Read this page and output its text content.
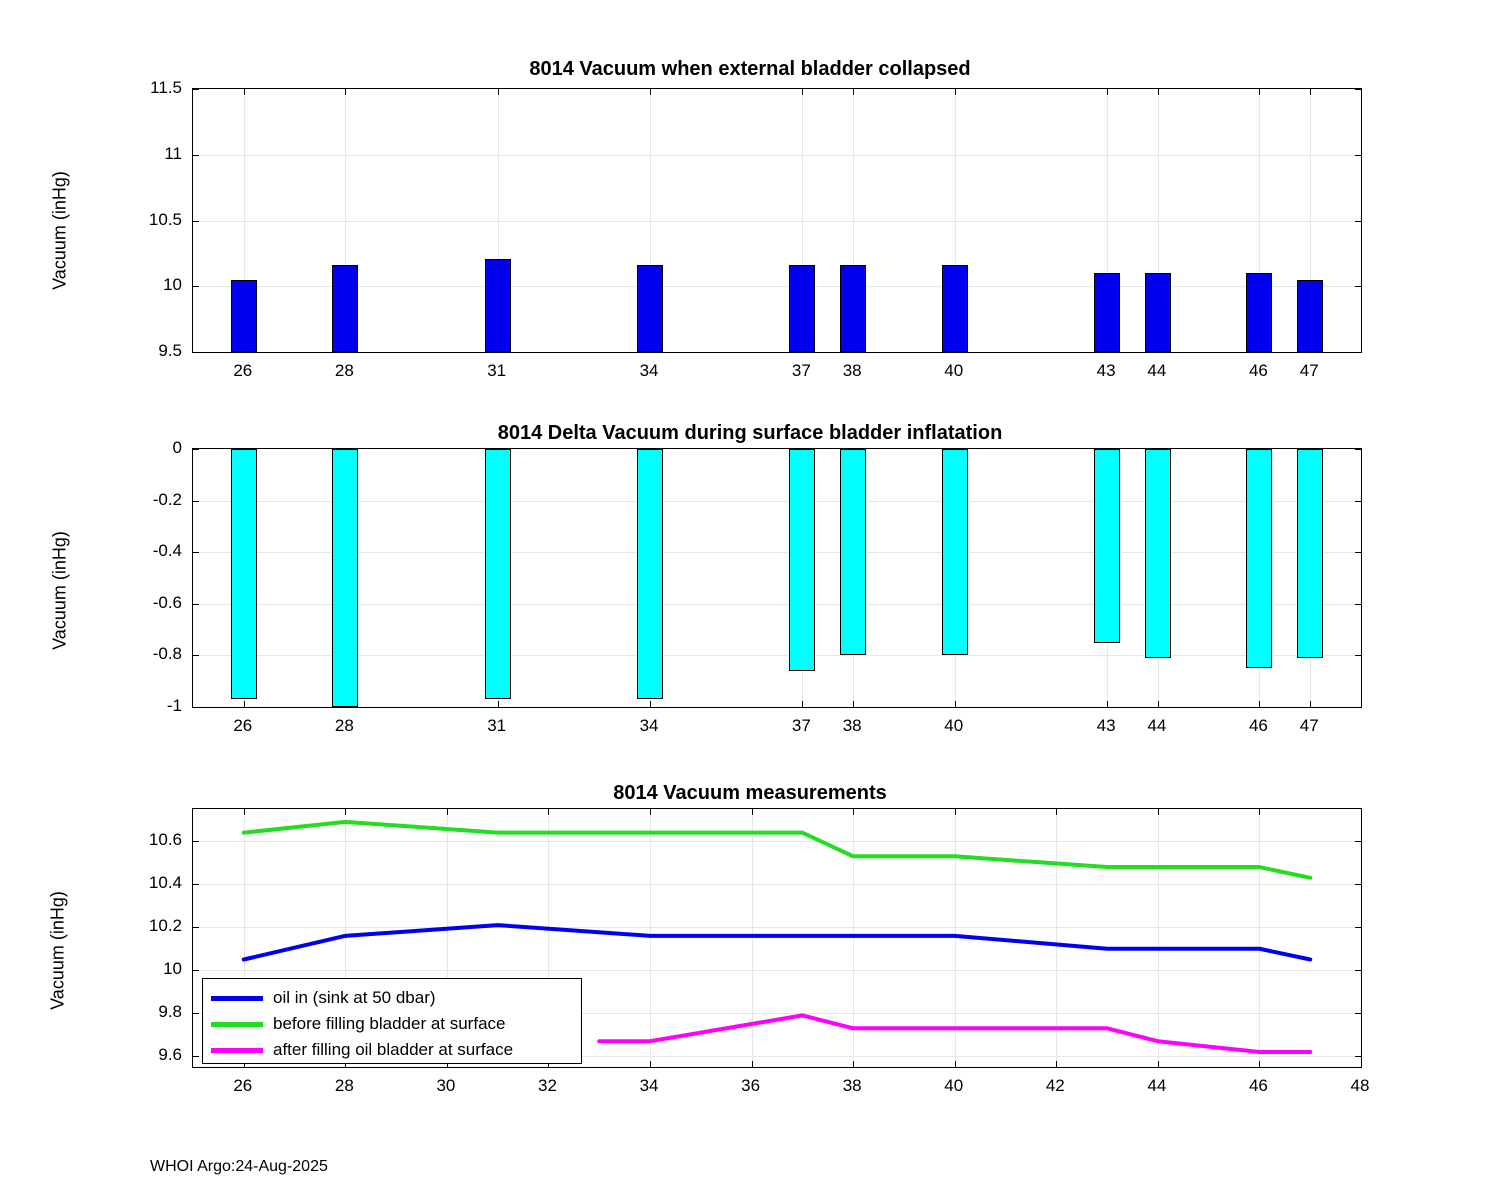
8014 Vacuum when external bladder collapsed
Vacuum (inHg)
9.5
10
10.5
11
11.5
26	28	31	34	37 38	40	43 44	46 47
8014 Delta Vacuum during surface bladder inflatation
Vacuum (inHg)
-1
-0.8
-0.6
-0.4
-0.2
0
26	28	31	34	37 38	40	43 44	46 47
8014 Vacuum measurements
Vacuum (inHg)	oil in (sink at 50 dbar)
before filling bladder at surface
after filling oil bladder at surface
9.6
9.8
10
10.2
10.4
10.6
26	28	30	32	34	36	38	40	42	44	46	48
WHOI Argo:24-Aug-2025
